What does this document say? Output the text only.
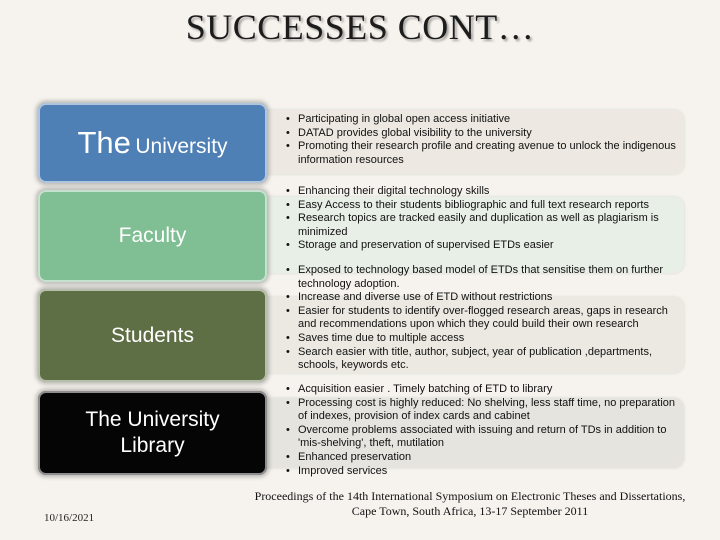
SUCCESSES CONT…
The University
Faculty
Students
The University
Library
• Participating in global open access initiative
• DATAD provides global visibility to the university
• Promoting their research profile and creating avenue to unlock the indigenous information resources
• Enhancing their digital technology skills
• Easy Access to their students bibliographic and full text research reports
• Research topics are tracked easily and duplication as well as plagiarism is minimized
• Storage and preservation of supervised ETDs easier
• Exposed to technology based model of ETDs that sensitise them on further technology adoption.
• Increase and diverse use of ETD without restrictions
• Easier for students to identify over-flogged research areas, gaps in research and recommendations upon which they could build their own research
• Saves time due to multiple access
• Search easier with title, author, subject, year of publication ,departments, schools, keywords etc.
• Acquisition easier . Timely batching of ETD to library
• Processing cost is highly reduced: No shelving, less staff time, no preparation of indexes, provision of index cards and cabinet
• Overcome problems associated with issuing and return of TDs in addition to 'mis-shelving', theft, mutilation
• Enhanced preservation
• Improved services
10/16/2021
Proceedings of the 14th International Symposium on Electronic Theses and Dissertations, Cape Town, South Africa, 13-17 September 2011
